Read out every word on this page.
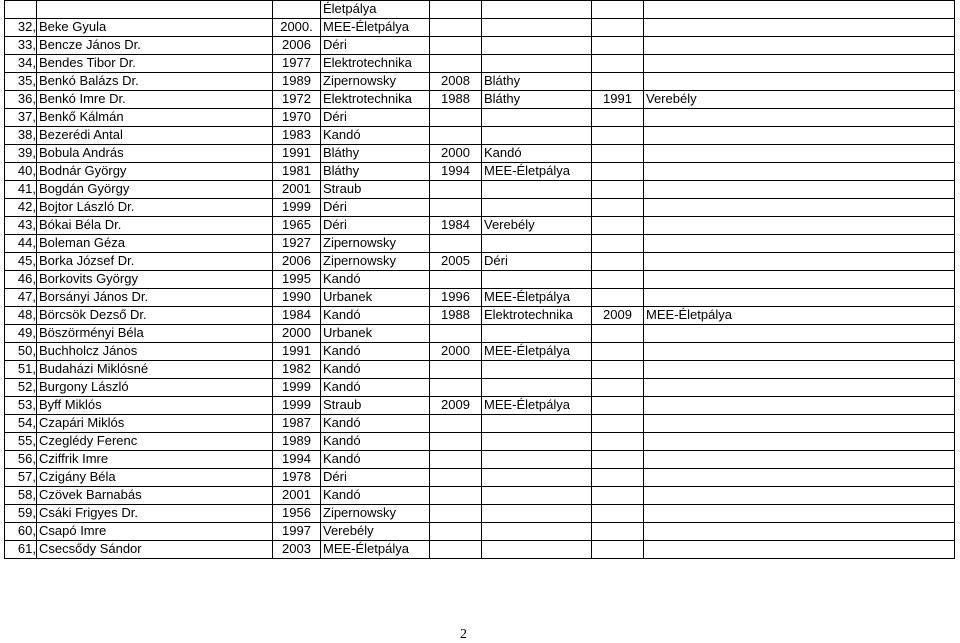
			Életpálya				
32,	Beke Gyula	2000.	MEE-Életpálya				
33,	Bencze János Dr.	2006	Déri				
34,	Bendes Tibor Dr.	1977	Elektrotechnika				
35,	Benkó Balázs Dr.	1989	Zipernowsky	2008	Bláthy		
36,	Benkó Imre Dr.	1972	Elektrotechnika	1988	Bláthy	1991	Verebély
37,	Benkő Kálmán	1970	Déri				
38,	Bezerédi Antal	1983	Kandó				
39,	Bobula András	1991	Bláthy	2000	Kandó		
40,	Bodnár György	1981	Bláthy	1994	MEE-Életpálya		
41,	Bogdán György	2001	Straub				
42,	Bojtor László Dr.	1999	Déri				
43,	Bókai Béla Dr.	1965	Déri	1984	Verebély		
44,	Boleman Géza	1927	Zipernowsky				
45,	Borka József Dr.	2006	Zipernowsky	2005	Déri		
46,	Borkovits György	1995	Kandó				
47,	Borsányi János Dr.	1990	Urbanek	1996	MEE-Életpálya		
48,	Börcsök Dezső Dr.	1984	Kandó	1988	Elektrotechnika	2009	MEE-Életpálya
49,	Böszörményi Béla	2000	Urbanek				
50,	Buchholcz János	1991	Kandó	2000	MEE-Életpálya		
51,	Budaházi Miklósné	1982	Kandó				
52,	Burgony László	1999	Kandó				
53,	Byff Miklós	1999	Straub	2009	MEE-Életpálya		
54,	Czapári Miklós	1987	Kandó				
55,	Czeglédy Ferenc	1989	Kandó				
56,	Cziffrik Imre	1994	Kandó				
57,	Czigány Béla	1978	Déri				
58,	Czövek Barnabás	2001	Kandó				
59,	Csáki Frigyes Dr.	1956	Zipernowsky				
60,	Csapó Imre	1997	Verebély				
61,	Csecsődy Sándor	2003	MEE-Életpálya				
2
